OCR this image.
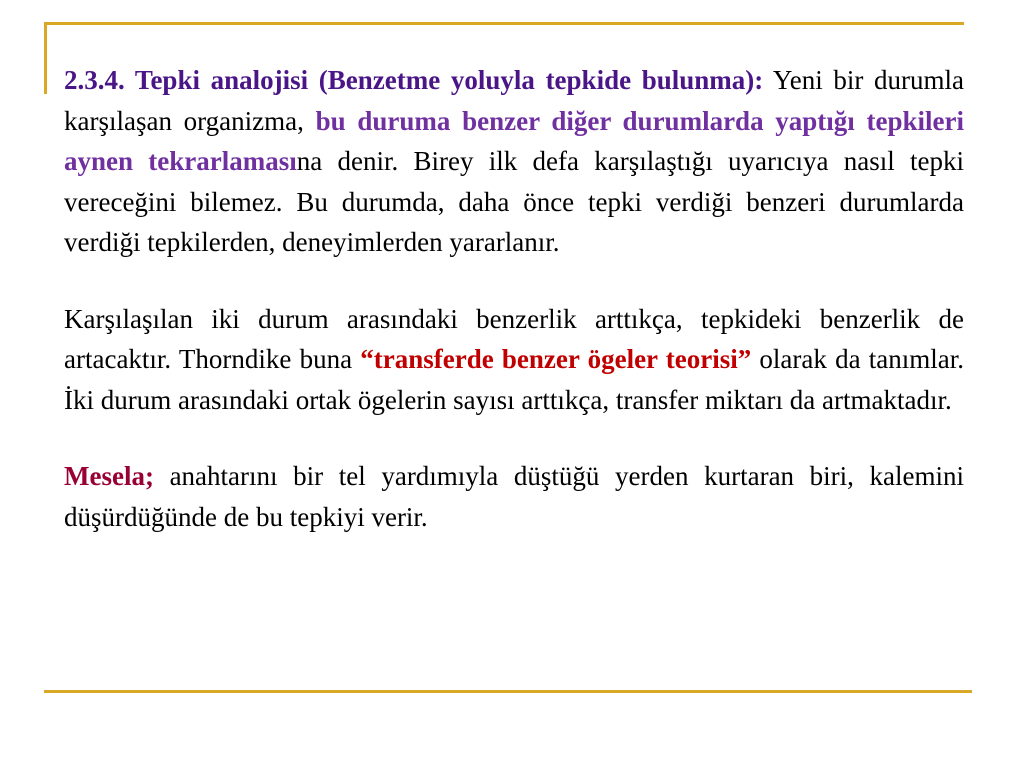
2.3.4. Tepki analojisi (Benzetme yoluyla tepkide bulunma): Yeni bir durumla karşılaşan organizma, bu duruma benzer diğer durumlarda yaptığı tepkileri aynen tekrarlamasına denir. Birey ilk defa karşılaştığı uyarıcıya nasıl tepki vereceğini bilemez. Bu durumda, daha önce tepki verdiği benzeri durumlarda verdiği tepkilerden, deneyimlerden yararlanır.

Karşılaşılan iki durum arasındaki benzerlik arttıkça, tepkideki benzerlik de artacaktır. Thorndike buna “transferde benzer ögeler teorisi” olarak da tanımlar. İki durum arasındaki ortak ögelerin sayısı arttıkça, transfer miktarı da artmaktadır.

Mesela; anahtarını bir tel yardımıyla düştüğü yerden kurtaran biri, kalemini düşürdüğünde de bu tepkiyi verir.
